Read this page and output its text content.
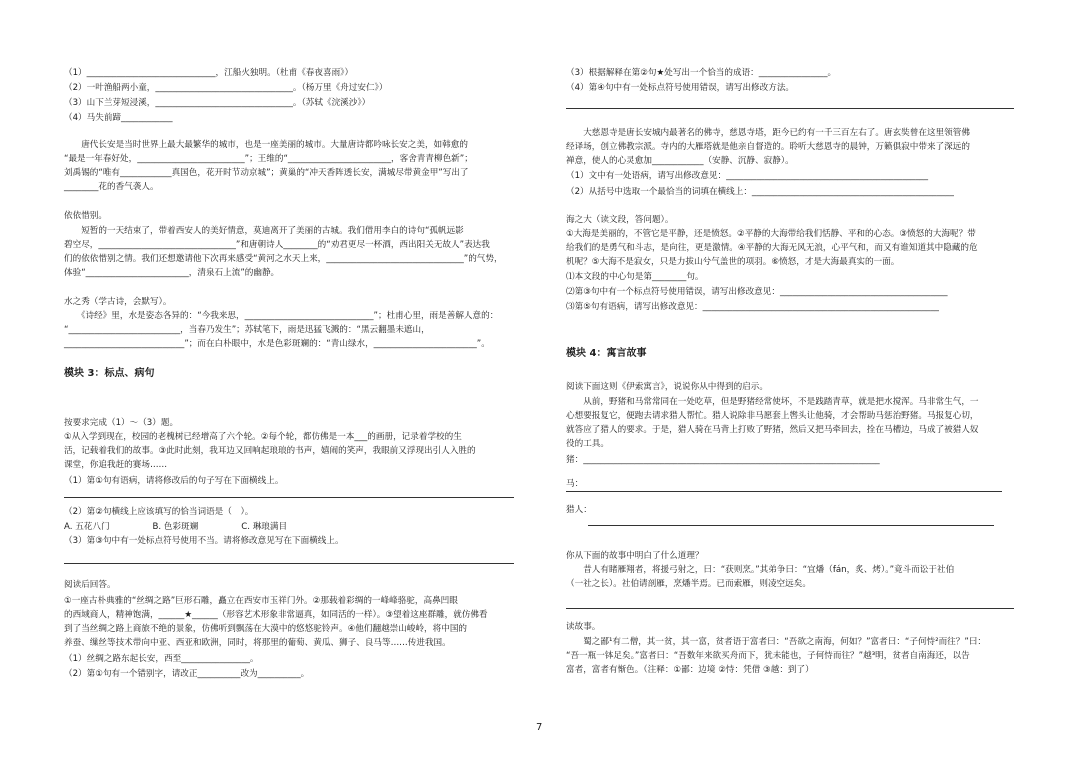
（1）______________________________，江船火独明。（杜甫《春夜喜雨》）
（2）一叶渔船两小童，________________________________。（杨万里《舟过安仁》）
（3）山下兰芽短浸溪，________________________________。（苏轼《浣溪沙》）
（4）马失前蹄____________
　　唐代长安是当时世界上最大最繁华的城市，也是一座美丽的城市。大量唐诗都吟咏长安之美，如韩愈的
“最是一年春好处，_________________________”；王维的“________________________，客舍青青柳色新”；
刘禹锡的“唯有____________真国色，花开时节动京城”；黄巢的“冲天香阵透长安，满城尽带黄金甲”写出了
________花的香气袭人。
依依惜别。
　　短暂的一天结束了，带着西安人的美好情意，莫迪离开了美丽的古城。我们借用李白的诗句“孤帆远影
碧空尽，________________________________”和唐朝诗人________的“劝君更尽一杯酒，西出阳关无故人”表达我
们的依依惜别之情。我们还想邀请他下次再来感受“黄河之水天上来，________________________________”的气势，
体验“________________________，清泉石上流”的幽静。
水之秀（学古诗，会默写）。
　　《诗经》里，水是姿态各异的：“今我来思，______________________________”；杜甫心里，雨是善解人意的：
“__________________________，当春乃发生”；苏轼笔下，雨是迅猛飞溅的：“黑云翻墨未遮山，
____________________________”；而在白朴眼中，水是色彩斑斓的：“青山绿水，________________________”。
模块 3：标点、病句
按要求完成（1）～（3）题。
①从入学到现在，校园的老槐树已经增高了六个轮。②每个轮，都仿佛是一本___的画册，记录着学校的生
活，记载着我们的故事。③此时此刻，我耳边又回响起琅琅的书声，嬉闹的笑声，我眼前又浮现出引人入胜的
课堂，你追我赶的赛场……
（1）第①句有语病，请将修改后的句子写在下面横线上。
（2）第②句横线上应该填写的恰当词语是（　）。
A. 五花八门　　　　　B. 色彩斑斓　　　　　C. 琳琅满目
（3）第③句中有一处标点符号使用不当。请将修改意见写在下面横线上。
阅读后回答。
①一座古朴典雅的“丝绸之路”巨形石雕，矗立在西安市玉祥门外。②那载着彩绸的一峰峰骆驼，高鼻凹眼
的西域商人，精神饱满，______★______（形容艺术形象非常逼真，如同活的一样）。③望着这座群雕，就仿佛看
到了当丝绸之路上商旅不绝的景象，仿佛听到飘荡在大漠中的悠悠驼铃声。④他们翻越崇山峻岭，将中国的
养蚕、缫丝等技术带向中亚、西亚和欧洲，同时，将那里的葡萄、黄瓜、狮子、良马等……传进我国。
（1）丝绸之路东起长安，西至________________。
（2）第①句有一个错别字，请改正__________改为__________。
（3）根据解释在第②句★处写出一个恰当的成语：________________。
（4）第④句中有一处标点符号使用错误，请写出修改方法。
　　大慈恩寺是唐长安城内最著名的佛寺，慈恩寺塔，距今已约有一千三百左右了。唐玄奘曾在这里领管佛
经译场，创立佛教宗派。寺内的大雁塔就是他亲自督造的。聆听大慈恩寺的晨钟，万籁俱寂中带来了深远的
禅意，使人的心灵愈加____________（安静、沉静、寂静）。
（1）文中有一处语病，请写出修改意见：_______________________________________________
（2）从括号中选取一个最恰当的词填在横线上：_______________________________________________
海之大（读文段，答问题）。
①大海是美丽的，不管它是平静，还是愤怒。②平静的大海带给我们恬静、平和的心态。③愤怒的大海呢？带
给我们的是勇气和斗志，是向往，更是激情。④平静的大海无风无浪，心平气和，而又有谁知道其中隐藏的危
机呢？⑤大海不是寂女，只是力拔山兮气盖世的项羽。⑥愤怒，才是大海最真实的一面。
⑴本文段的中心句是第________句。
⑵第③句中有一个标点符号使用错误，请写出修改意见：_______________________________________
⑶第⑤句有语病，请写出修改意见：_______________________________________________________
模块 4：寓言故事
阅读下面这则《伊索寓言》，说说你从中得到的启示。
　　从前，野猪和马常常同在一处吃草，但是野猪经常使坏，不是践踏青草，就是把水搅浑。马非常生气，一
心想要报复它，便跑去请求猎人帮忙。猎人说除非马愿套上辔头让他骑，才会帮助马惩治野猪。马报复心切，
就答应了猎人的要求。于是，猎人骑在马背上打败了野猪，然后又把马牵回去，拴在马槽边，马成了被猎人奴
役的工具。
猪：_____________________________________________________________________
马：
猎人：
你从下面的故事中明白了什么道理？
　　昔人有睹雁翔者，将援弓射之，曰：“获则烹。”其弟争曰：“宜燔（fán，炙、烤）。”竟斗而讼于社伯
（一社之长）。社伯请剖雁，烹燔半焉。已而索雁，则凌空远矣。
读故事。
　　蜀之鄙¹有二僧，其一贫，其一富，贫者语于富者曰：“吾欲之南海，何如？”富者曰：“子何恃²而往？”曰：
“吾一瓶一钵足矣。”富者曰：“吾数年来欲买舟而下，犹未能也，子何恃而往？”越³明，贫者自南海还，以告
富者，富者有惭色。（注释：①鄙：边境 ②恃：凭借 ③越：到了）
7
